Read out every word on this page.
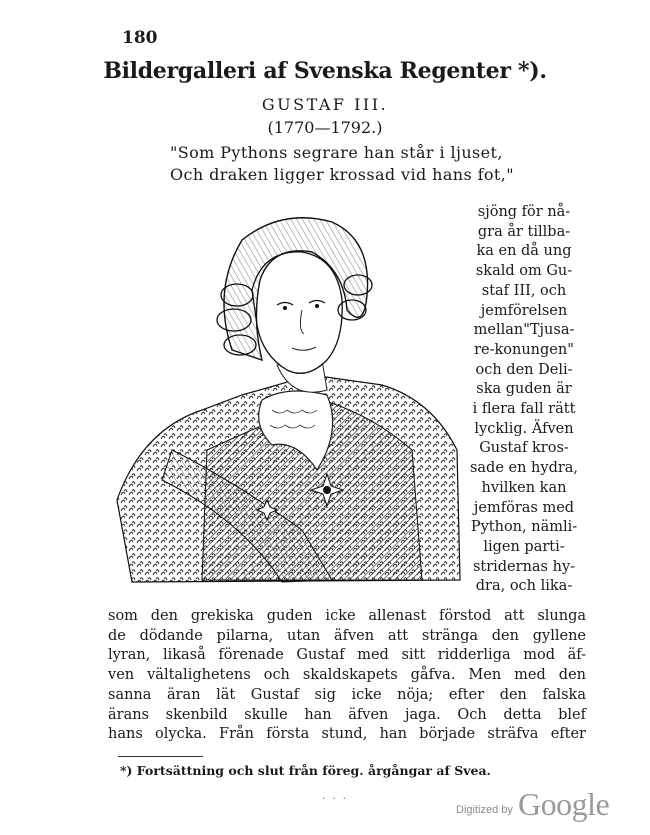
180
Bildergalleri af Svenska Regenter *).
GUSTAF III.
(1770—1792.)
"Som Pythons segrare han står i ljuset,
Och draken ligger krossad vid hans fot,"
sjöng för nå-
gra år tillba-
ka en då ung
skald om Gu-
staf III, och
jemförelsen
mellan"Tjusa-
re-konungen"
och den Deli-
ska guden är
i flera fall rätt
lycklig. Äfven
Gustaf kros-
sade en hydra,
hvilken kan
jemföras med
Python, nämli-
ligen parti-
stridernas hy-
dra, och lika-
som den grekiska guden icke allenast förstod att slunga
de dödande pilarna, utan äfven att stränga den gyllene
lyran, likaså förenade Gustaf med sitt ridderliga mod äf-
ven vältalighetens och skaldskapets gåfva. Men med den
sanna äran lät Gustaf sig icke nöja; efter den falska
ärans skenbild skulle han äfven jaga. Och detta blef
hans olycka. Från första stund, han började sträfva efter
*) Fortsättning och slut från föreg. årgångar af Svea.
· · ·
Digitized by Google
